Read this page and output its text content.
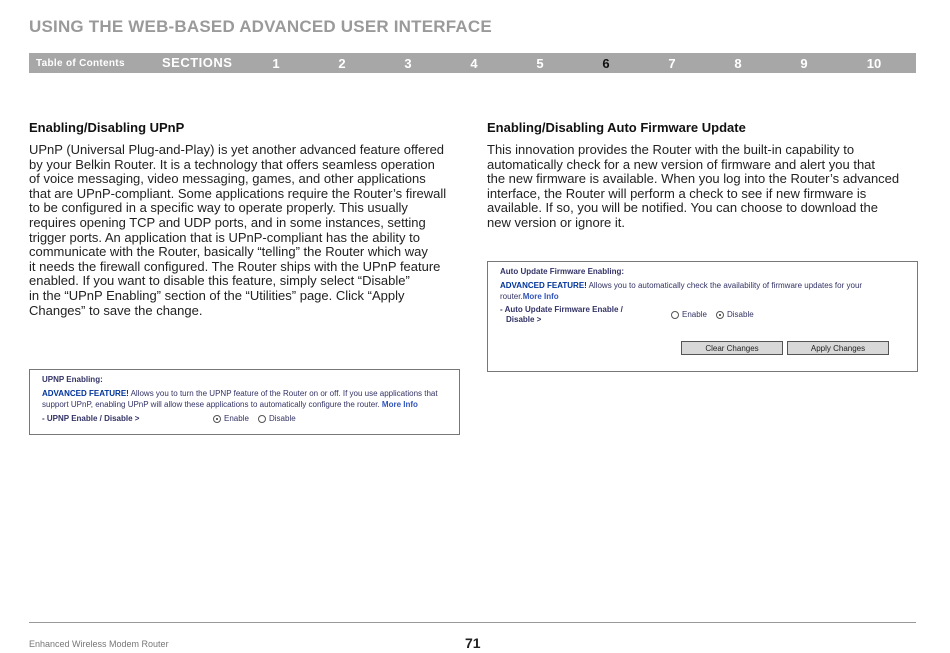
USING THE WEB-BASED ADVANCED USER INTERFACE
Table of Contents	SECTIONS	1	2	3	4	5	6	7	8	9	10
Enabling/Disabling UPnP
UPnP (Universal Plug-and-Play) is yet another advanced feature offered
by your Belkin Router. It is a technology that offers seamless operation
of voice messaging, video messaging, games, and other applications
that are UPnP-compliant. Some applications require the Router’s firewall
to be configured in a specific way to operate properly. This usually
requires opening TCP and UDP ports, and in some instances, setting
trigger ports. An application that is UPnP-compliant has the ability to
communicate with the Router, basically “telling” the Router which way
it needs the firewall configured. The Router ships with the UPnP feature
enabled. If you want to disable this feature, simply select “Disable”
in the “UPnP Enabling” section of the “Utilities” page. Click “Apply
Changes” to save the change.
UPNP Enabling:
ADVANCED FEATURE! Allows you to turn the UPNP feature of the Router on or off. If you use applications that
support UPnP, enabling UPnP will allow these applications to automatically configure the router. More Info
- UPNP Enable / Disable >	Enable	Disable
Enabling/Disabling Auto Firmware Update
This innovation provides the Router with the built-in capability to
automatically check for a new version of firmware and alert you that
the new firmware is available. When you log into the Router’s advanced
interface, the Router will perform a check to see if new firmware is
available. If so, you will be notified. You can choose to download the
new version or ignore it.
Auto Update Firmware Enabling:
ADVANCED FEATURE! Allows you to automatically check the availability of firmware updates for your
router.More Info
- Auto Update Firmware Enable /
Disable >
Enable	Disable
Clear Changes	Apply Changes
Enhanced Wireless Modem Router	71
